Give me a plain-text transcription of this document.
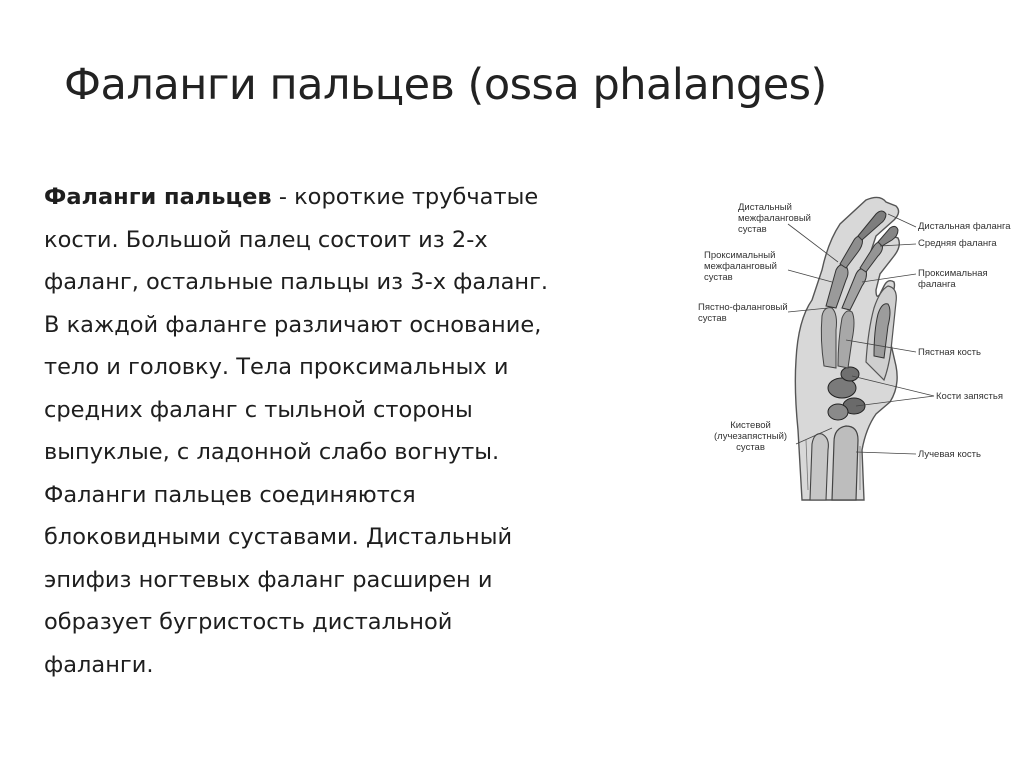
Фаланги пальцев (ossa phalanges)
Фаланги пальцев - короткие трубчатые
кости. Большой палец состоит из 2-х
фаланг, остальные пальцы из 3-х фаланг.
В каждой фаланге различают основание,
тело и головку. Тела проксимальных и
средних фаланг с тыльной стороны
выпуклые, с ладонной слабо вогнуты.
Фаланги пальцев соединяются
блоковидными суставами. Дистальный
эпифиз ногтевых фаланг расширен и
образует бугристость дистальной
фаланги.
Дистальный
межфаланговый
сустав
Проксимальный
межфаланговый
сустав
Пястно-фаланговый
сустав
Кистевой
(лучезапястный)
сустав
Дистальная фаланга
Средняя фаланга
Проксимальная
фаланга
Пястная кость
Кости запястья
Лучевая кость
